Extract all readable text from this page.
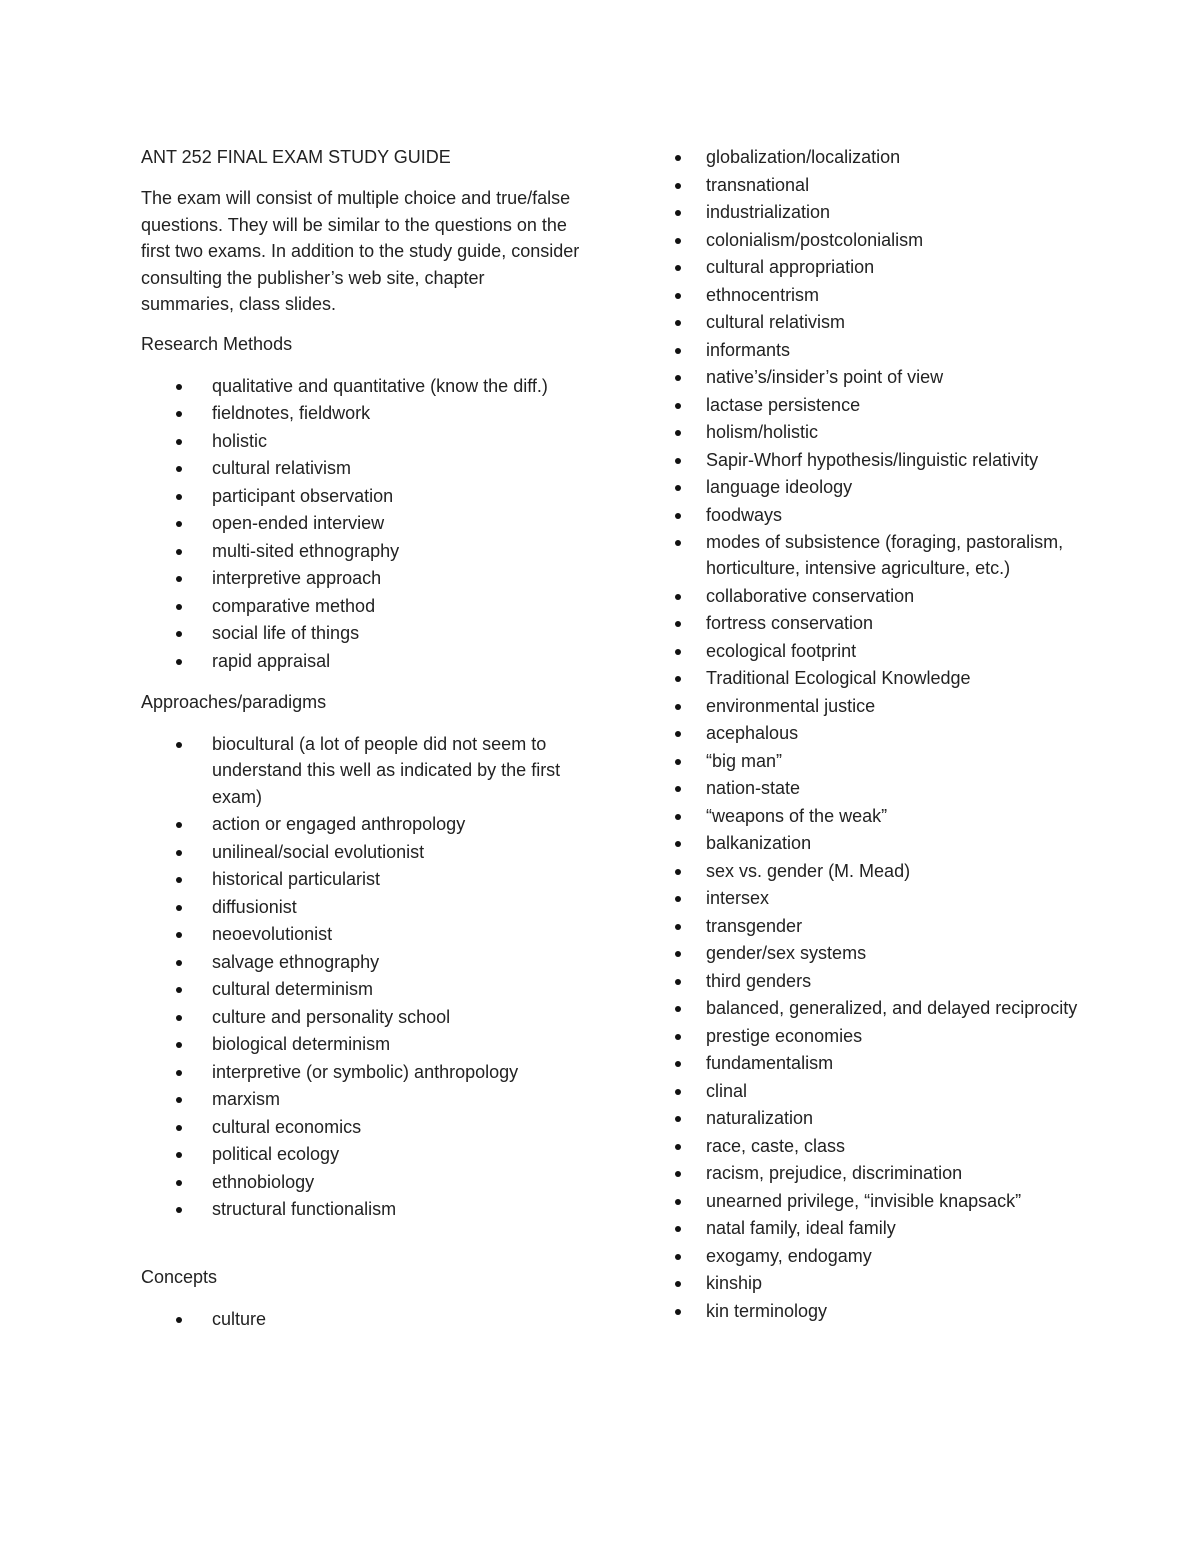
ANT 252 FINAL EXAM STUDY GUIDE

The exam will consist of multiple choice and true/false questions. They will be similar to the questions on the first two exams. In addition to the study guide, consider consulting the publisher’s web site, chapter summaries, class slides.

Research Methods
qualitative and quantitative (know the diff.)
fieldnotes, fieldwork
holistic
cultural relativism
participant observation
open-ended interview
multi-sited ethnography
interpretive approach
comparative method
social life of things
rapid appraisal
Approaches/paradigms
biocultural (a lot of people did not seem to understand this well as indicated by the first exam)
action or engaged anthropology
unilineal/social evolutionist
historical particularist
diffusionist
neoevolutionist
salvage ethnography
cultural determinism
culture and personality school
biological determinism
interpretive (or symbolic) anthropology
marxism
cultural economics
political ecology
ethnobiology
structural functionalism
Concepts
culture
globalization/localization
transnational
industrialization
colonialism/postcolonialism
cultural appropriation
ethnocentrism
cultural relativism
informants
native’s/insider’s point of view
lactase persistence
holism/holistic
Sapir-Whorf hypothesis/linguistic relativity
language ideology
foodways
modes of subsistence (foraging, pastoralism, horticulture, intensive agriculture, etc.)
collaborative conservation
fortress conservation
ecological footprint
Traditional Ecological Knowledge
environmental justice
acephalous
“big man”
nation-state
“weapons of the weak”
balkanization
sex vs. gender (M. Mead)
intersex
transgender
gender/sex systems
third genders
balanced, generalized, and delayed reciprocity
prestige economies
fundamentalism
clinal
naturalization
race, caste, class
racism, prejudice, discrimination
unearned privilege, “invisible knapsack”
natal family, ideal family
exogamy, endogamy
kinship
kin terminology
